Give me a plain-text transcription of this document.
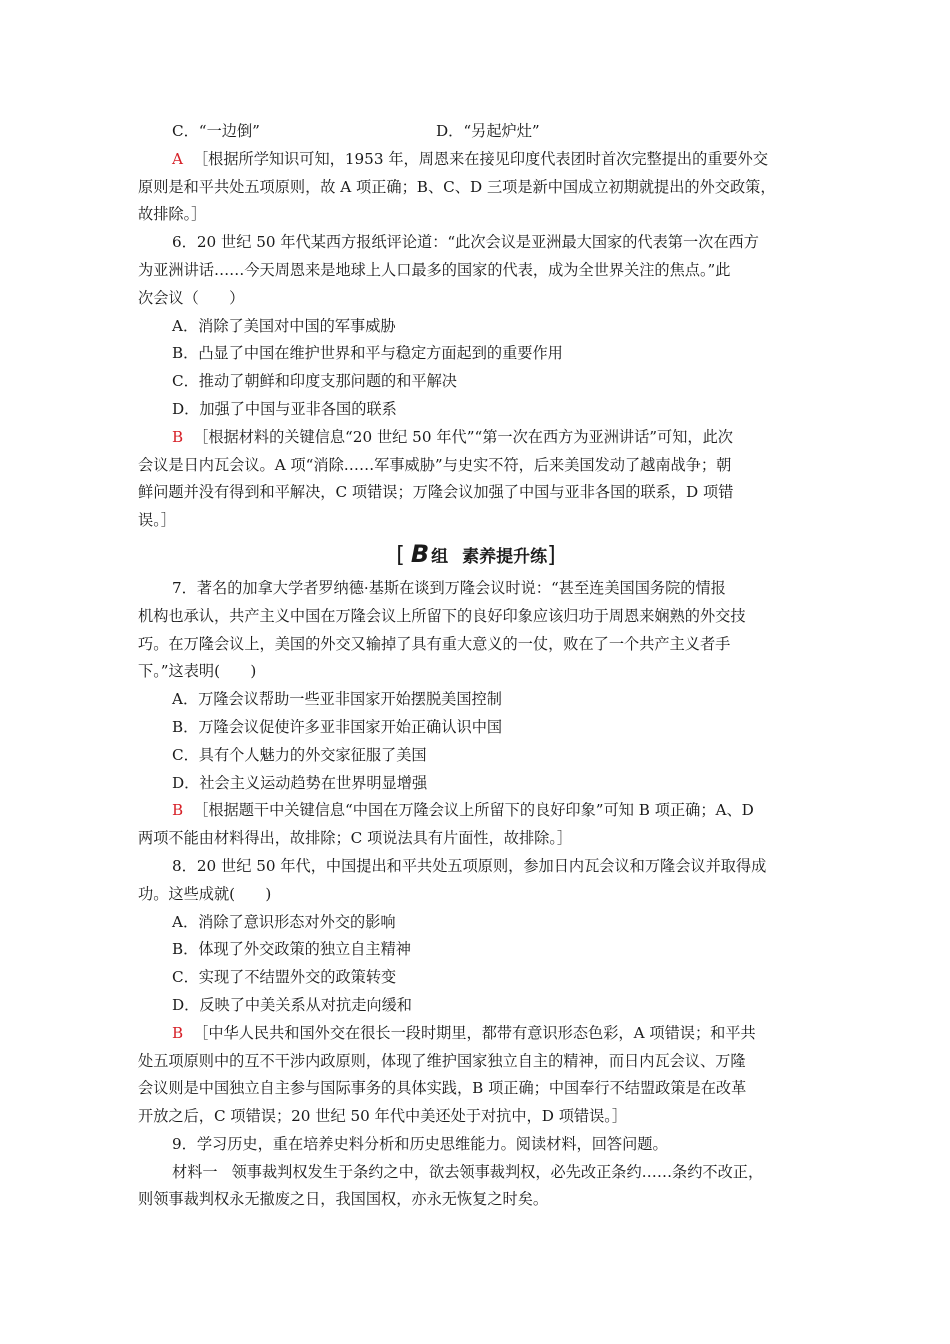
C．“一边倒”	D．“另起炉灶”
A ［根据所学知识可知，1953 年，周恩来在接见印度代表团时首次完整提出的重要外交
原则是和平共处五项原则，故 A 项正确；B、C、D 三项是新中国成立初期就提出的外交政策，
故排除。］
6．20 世纪 50 年代某西方报纸评论道：“此次会议是亚洲最大国家的代表第一次在西方
为亚洲讲话……今天周恩来是地球上人口最多的国家的代表，成为全世界关注的焦点。”此
次会议（　　）
A．消除了美国对中国的军事威胁
B．凸显了中国在维护世界和平与稳定方面起到的重要作用
C．推动了朝鲜和印度支那问题的和平解决
D．加强了中国与亚非各国的联系
B ［根据材料的关键信息“20 世纪 50 年代”“第一次在西方为亚洲讲话”可知，此次
会议是日内瓦会议。A 项“消除……军事威胁”与史实不符，后来美国发动了越南战争；朝
鲜问题并没有得到和平解决，C 项错误；万隆会议加强了中国与亚非各国的联系，D 项错
误。］
[ B 组 素养提升练]
7．著名的加拿大学者罗纳德·基斯在谈到万隆会议时说：“甚至连美国国务院的情报
机构也承认，共产主义中国在万隆会议上所留下的良好印象应该归功于周恩来娴熟的外交技
巧。在万隆会议上，美国的外交又输掉了具有重大意义的一仗，败在了一个共产主义者手
下。”这表明(　　)
A．万隆会议帮助一些亚非国家开始摆脱美国控制
B．万隆会议促使许多亚非国家开始正确认识中国
C．具有个人魅力的外交家征服了美国
D．社会主义运动趋势在世界明显增强
B ［根据题干中关键信息“中国在万隆会议上所留下的良好印象”可知 B 项正确；A、D
两项不能由材料得出，故排除；C 项说法具有片面性，故排除。］
8．20 世纪 50 年代，中国提出和平共处五项原则，参加日内瓦会议和万隆会议并取得成
功。这些成就(　　)
A．消除了意识形态对外交的影响
B．体现了外交政策的独立自主精神
C．实现了不结盟外交的政策转变
D．反映了中美关系从对抗走向缓和
B ［中华人民共和国外交在很长一段时期里，都带有意识形态色彩，A 项错误；和平共
处五项原则中的互不干涉内政原则，体现了维护国家独立自主的精神，而日内瓦会议、万隆
会议则是中国独立自主参与国际事务的具体实践，B 项正确；中国奉行不结盟政策是在改革
开放之后，C 项错误；20 世纪 50 年代中美还处于对抗中，D 项错误。］
9．学习历史，重在培养史料分析和历史思维能力。阅读材料，回答问题。
材料一 领事裁判权发生于条约之中，欲去领事裁判权，必先改正条约……条约不改正，
则领事裁判权永无撤废之日，我国国权，亦永无恢复之时矣。
